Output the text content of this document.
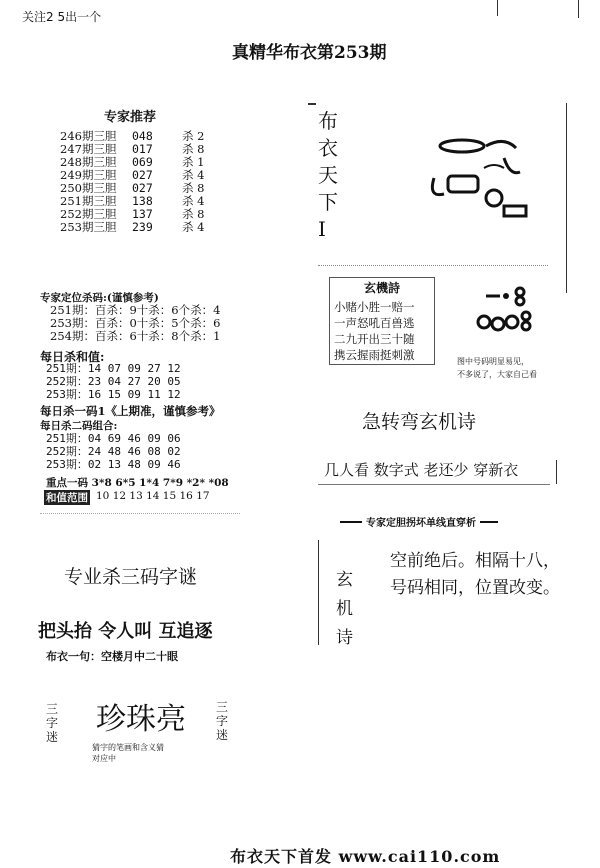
关注2 5出一个
真精华布衣第253期
专家推荐
246期三胆	048	杀 2
247期三胆	017	杀 8
248期三胆	069	杀 1
249期三胆	027	杀 4
250期三胆	027	杀 8
251期三胆	138	杀 4
252期三胆	137	杀 8
253期三胆	239	杀 4
专家定位杀码:(谨慎参考)
251期：百杀：9十杀：6个杀：4
253期：百杀：0十杀：5个杀：6
254期：百杀：6十杀：8个杀：1
每日杀和值:
251期：14 07 09 27 12
252期：23 04 27 20 05
253期：16 15 09 11 12
每日杀一码1《上期准，谨慎参考》
每日杀二码组合:
251期：04 69 46 09 06
252期：24 48 46 08 02
253期：02 13 48 09 46
重点一码 3*8 6*5 1*4 7*9 *2* *08
和值范围 10 12 13 14 15 16 17
专业杀三码字谜
把头抬 令人叫 互追逐
布衣一句：空楼月中二十眼
三字迷 珍珠亮	三字迷
猜字的笔画和含义猜
对应中
布衣天下I
玄機詩
小赌小胜一赔一
一声怒吼百兽逃
二九开出三十随
携云握雨挺刺激	图中号码明显易见，
不多说了，大家自己看
急转弯玄机诗
几人看 数字式 老还少 穿新衣
专家定胆拐坏单线直穿析
玄机诗
空前绝后。相隔十八，
号码相同，位置改变。
布衣天下首发 www.cai110.com
